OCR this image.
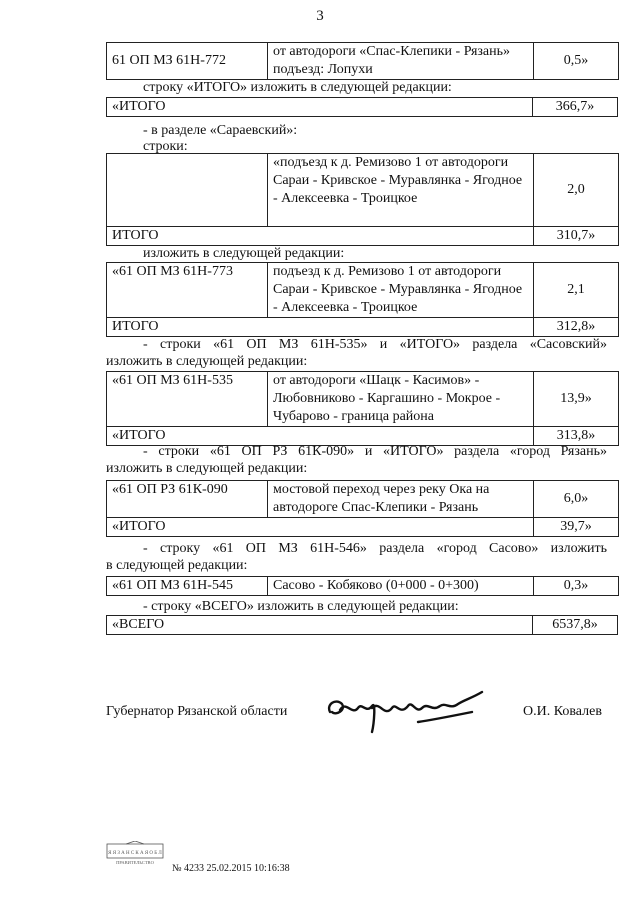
3
61 ОП МЗ 61Н-772	от автодороги «Спас-Клепики - Рязань» подъезд: Лопухи	0,5»
строку «ИТОГО» изложить в следующей редакции:
«ИТОГО	366,7»
- в разделе «Сараевский»:
строки:
	«подъезд к д. Ремизово 1 от автодороги Сараи - Кривское - Муравлянка - Ягодное - Алексеевка - Троицкое	2,0
ИТОГО		310,7»
изложить в следующей редакции:
«61 ОП МЗ 61Н-773	подъезд к д. Ремизово 1 от автодороги Сараи - Кривское - Муравлянка - Ягодное - Алексеевка - Троицкое	2,1
ИТОГО		312,8»
- строки «61 ОП МЗ 61Н-535» и «ИТОГО» раздела «Сасовский»
изложить в следующей редакции:
«61 ОП МЗ 61Н-535	от автодороги «Шацк - Касимов» - Любовниково - Каргашино - Мокрое - Чубарово - граница района	13,9»
«ИТОГО		313,8»
- строки «61 ОП РЗ 61К-090» и «ИТОГО» раздела «город Рязань»
изложить в следующей редакции:
«61 ОП РЗ 61К-090	мостовой переход через реку Ока на автодороге Спас-Клепики - Рязань	6,0»
«ИТОГО		39,7»
- строку «61 ОП МЗ 61Н-546» раздела «город Сасово» изложить
в следующей редакции:
«61 ОП МЗ 61Н-545	Сасово - Кобяково (0+000 - 0+300)	0,3»
- строку «ВСЕГО» изложить в следующей редакции:
«ВСЕГО	6537,8»
Губернатор Рязанской области	О.И. Ковалев
Я Я З А Н С К А Я О Б Л
ПРАВИТЕЛЬСТВО
№ 4233 25.02.2015 10:16:38
